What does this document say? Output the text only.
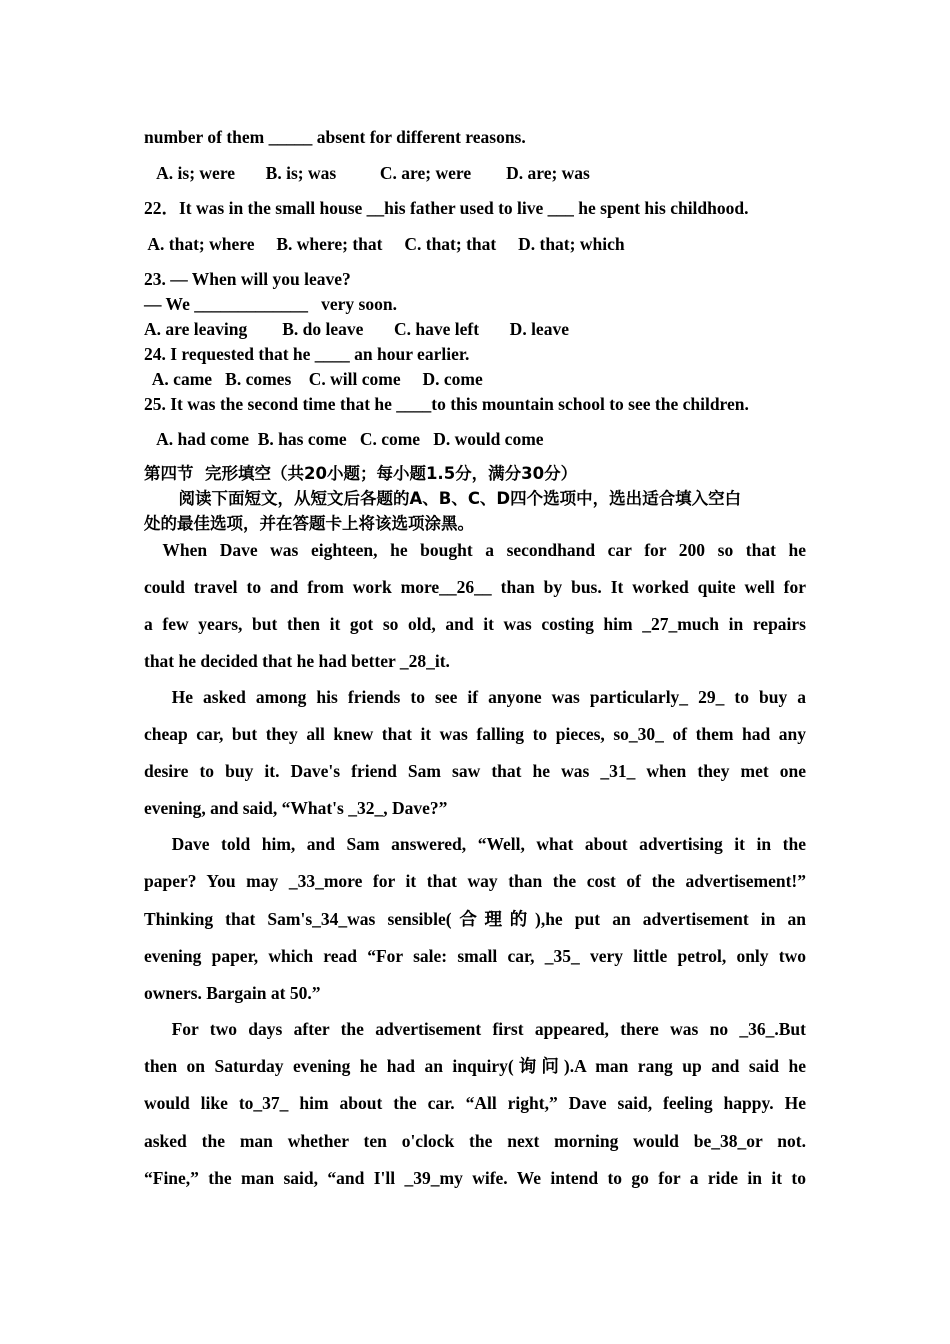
number of them _____ absent for different reasons.
A. is; were       B. is; was          C. are; were        D. are; was
22．It was in the small house __his father used to live ___ he spent his childhood.
A. that; where     B. where; that     C. that; that     D. that; which
23. — When will you leave?
— We _____________   very soon.
A. are leaving        B. do leave       C. have left       D. leave
24. I requested that he ____ an hour earlier.
A. came   B. comes    C. will come     D. come
25. It was the second time that he ____to this mountain school to see the children.
A. had come  B. has come   C. come   D. would come
第四节  完形填空（共20小题；每小题1.5分，满分30分）
阅读下面短文，从短文后各题的A、B、C、D四个选项中，选出适合填入空白
处的最佳选项，并在答题卡上将该选项涂黑。
When Dave was eighteen, he bought a secondhand car for 200 so that he
could travel to and from work more__26__ than by bus. It worked quite well for
a few years, but then it got so old, and it was costing him _27_much in repairs
that he decided that he had better _28_it.
He asked among his friends to see if anyone was particularly_ 29_ to buy a
cheap car, but they all knew that it was falling to pieces, so_30_ of them had any
desire to buy it. Dave's friend Sam saw that he was _31_ when they met one
evening, and said, “What's _32_, Dave?”
Dave told him, and Sam answered, “Well, what about advertising it in the
paper? You may _33_more for it that way than the cost of the advertisement!”
Thinking that Sam's_34_was sensible(合理的),he put an advertisement in an
evening paper, which read “For sale: small car, _35_ very little petrol, only two
owners. Bargain at 50.”
For two days after the advertisement first appeared, there was no _36_.But
then on Saturday evening he had an inquiry(询问).A man rang up and said he
would like to_37_ him about the car. “All right,” Dave said, feeling happy. He
asked the man whether ten o'clock the next morning would be_38_or not.
“Fine,” the man said, “and I'll _39_my wife. We intend to go for a ride in it to
